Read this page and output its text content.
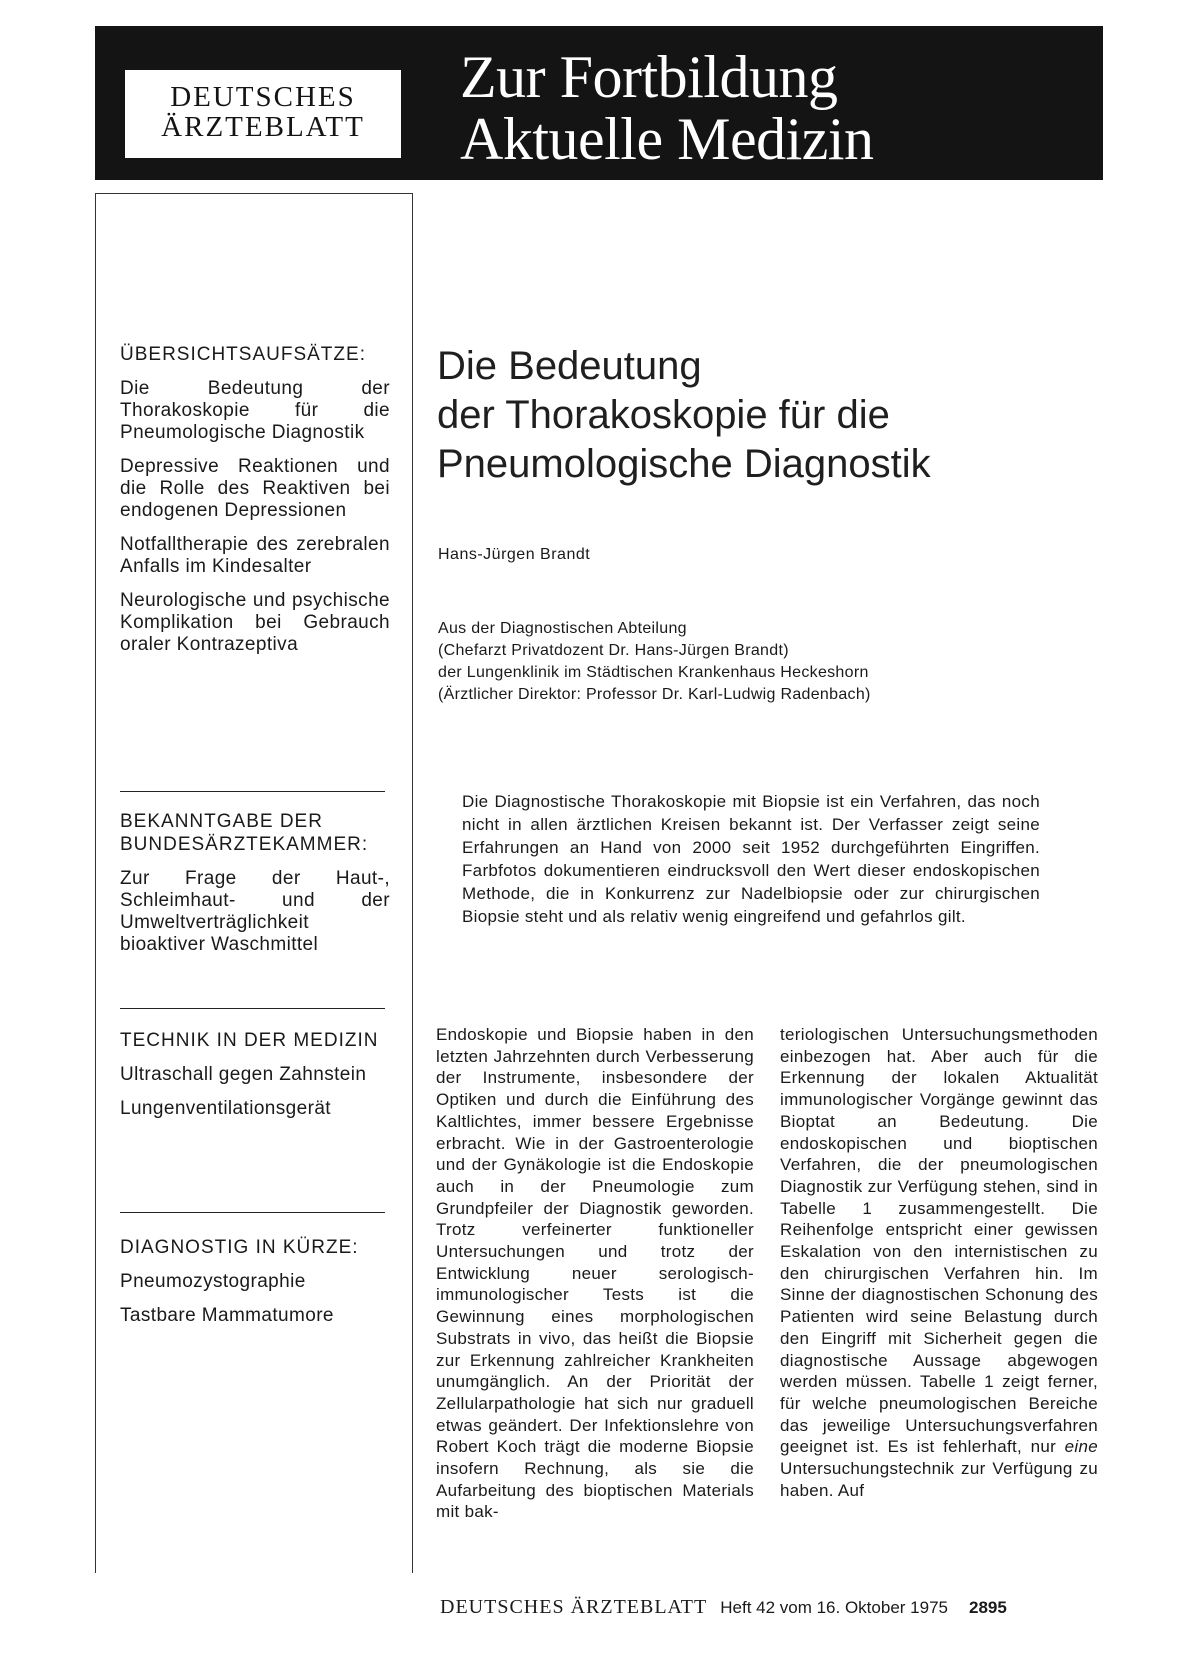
DEUTSCHES
ÄRZTEBLATT
Zur Fortbildung
Aktuelle Medizin
ÜBERSICHTSAUFSÄTZE:
Die Bedeutung der Thorakoskopie für die Pneumologische Diagnostik
Depressive Reaktionen und die Rolle des Reaktiven bei endogenen Depressionen
Notfalltherapie des zerebralen Anfalls im Kindesalter
Neurologische und psychische Komplikation bei Gebrauch oraler Kontrazeptiva
BEKANNTGABE DER BUNDESÄRZTEKAMMER:
Zur Frage der Haut-, Schleimhaut- und der Umweltverträglichkeit bioaktiver Waschmittel
TECHNIK IN DER MEDIZIN
Ultraschall gegen Zahnstein
Lungenventilationsgerät
DIAGNOSTIG IN KÜRZE:
Pneumozystographie
Tastbare Mammatumore
Die Bedeutung
der Thorakoskopie für die
Pneumologische Diagnostik
Hans-Jürgen Brandt
Aus der Diagnostischen Abteilung
(Chefarzt Privatdozent Dr. Hans-Jürgen Brandt)
der Lungenklinik im Städtischen Krankenhaus Heckeshorn
(Ärztlicher Direktor: Professor Dr. Karl-Ludwig Radenbach)
Die Diagnostische Thorakoskopie mit Biopsie ist ein Verfahren, das noch nicht in allen ärztlichen Kreisen bekannt ist. Der Verfasser zeigt seine Erfahrungen an Hand von 2000 seit 1952 durchgeführten Eingriffen. Farbfotos dokumentieren eindrucksvoll den Wert dieser endoskopischen Methode, die in Konkurrenz zur Nadelbiopsie oder zur chirurgischen Biopsie steht und als relativ wenig eingreifend und gefahrlos gilt.
Endoskopie und Biopsie haben in den letzten Jahrzehnten durch Verbesserung der Instrumente, insbesondere der Optiken und durch die Einführung des Kaltlichtes, immer bessere Ergebnisse erbracht. Wie in der Gastroenterologie und der Gynäkologie ist die Endoskopie auch in der Pneumologie zum Grundpfeiler der Diagnostik geworden. Trotz verfeinerter funktioneller Untersuchungen und trotz der Entwicklung neuer serologisch-immunologischer Tests ist die Gewinnung eines morphologischen Substrats in vivo, das heißt die Biopsie zur Erkennung zahlreicher Krankheiten unumgänglich. An der Priorität der Zellularpathologie hat sich nur graduell etwas geändert. Der Infektionslehre von Robert Koch trägt die moderne Biopsie insofern Rechnung, als sie die Aufarbeitung des bioptischen Materials mit bak-
teriologischen Untersuchungsmethoden einbezogen hat. Aber auch für die Erkennung der lokalen Aktualität immunologischer Vorgänge gewinnt das Bioptat an Bedeutung. Die endoskopischen und bioptischen Verfahren, die der pneumologischen Diagnostik zur Verfügung stehen, sind in Tabelle 1 zusammengestellt. Die Reihenfolge entspricht einer gewissen Eskalation von den internistischen zu den chirurgischen Verfahren hin. Im Sinne der diagnostischen Schonung des Patienten wird seine Belastung durch den Eingriff mit Sicherheit gegen die diagnostische Aussage abgewogen werden müssen. Tabelle 1 zeigt ferner, für welche pneumologischen Bereiche das jeweilige Untersuchungsverfahren geeignet ist. Es ist fehlerhaft, nur eine Untersuchungstechnik zur Verfügung zu haben. Auf
DEUTSCHES ÄRZTEBLATT Heft 42 vom 16. Oktober 1975 2895
